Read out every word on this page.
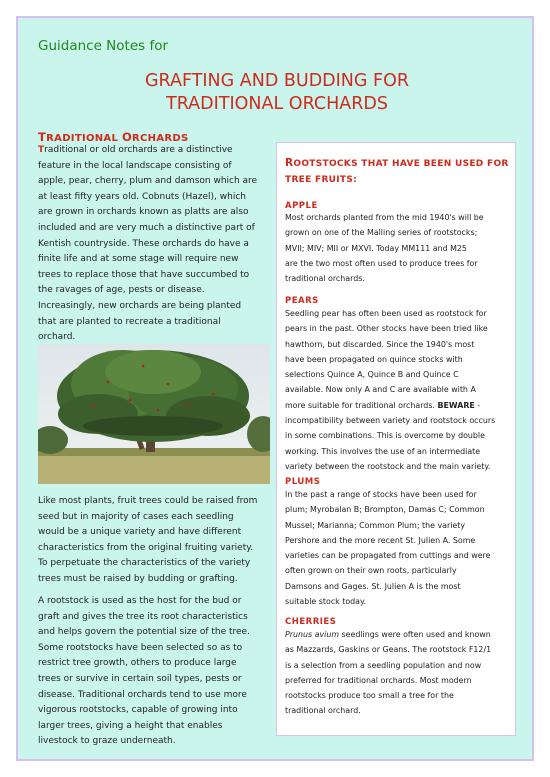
Guidance Notes for
GRAFTING AND BUDDING FOR
TRADITIONAL ORCHARDS
TRADITIONAL ORCHARDS
Traditional or old orchards are a distinctive
feature in the local landscape consisting of
apple, pear, cherry, plum and damson which are
at least fifty years old. Cobnuts (Hazel), which
are grown in orchards known as platts are also
included and are very much a distinctive part of
Kentish countryside. These orchards do have a
finite life and at some stage will require new
trees to replace those that have succumbed to
the ravages of age, pests or disease.
Increasingly, new orchards are being planted
that are planted to recreate a traditional
orchard.
Like most plants, fruit trees could be raised from
seed but in majority of cases each seedling
would be a unique variety and have different
characteristics from the original fruiting variety.
To perpetuate the characteristics of the variety
trees must be raised by budding or grafting.
A rootstock is used as the host for the bud or
graft and gives the tree its root characteristics
and helps govern the potential size of the tree.
Some rootstocks have been selected so as to
restrict tree growth, others to produce large
trees or survive in certain soil types, pests or
disease. Traditional orchards tend to use more
vigorous rootstocks, capable of growing into
larger trees, giving a height that enables
livestock to graze underneath.
ROOTSTOCKS THAT HAVE BEEN USED FOR
TREE FRUITS:
APPLE
Most orchards planted from the mid 1940's will be
grown on one of the Malling series of rootstocks;
MVII; MIV; MII or MXVI. Today MM111 and M25
are the two most often used to produce trees for
traditional orchards.
PEARS
Seedling pear has often been used as rootstock for
pears in the past. Other stocks have been tried like
hawthorn, but discarded. Since the 1940's most
have been propagated on quince stocks with
selections Quince A, Quince B and Quince C
available. Now only A and C are available with A
more suitable for traditional orchards. BEWARE -
incompatibility between variety and rootstock occurs
in some combinations. This is overcome by double
working. This involves the use of an intermediate
variety between the rootstock and the main variety.
PLUMS
In the past a range of stocks have been used for
plum; Myrobalan B; Brompton, Damas C; Common
Mussel; Marianna; Common Plum; the variety
Pershore and the more recent St. Julien A. Some
varieties can be propagated from cuttings and were
often grown on their own roots, particularly
Damsons and Gages. St. Julien A is the most
suitable stock today.
CHERRIES
Prunus avium seedlings were often used and known
as Mazzards, Gaskins or Geans. The rootstock F12/1
is a selection from a seedling population and now
preferred for traditional orchards. Most modern
rootstocks produce too small a tree for the
traditional orchard.
